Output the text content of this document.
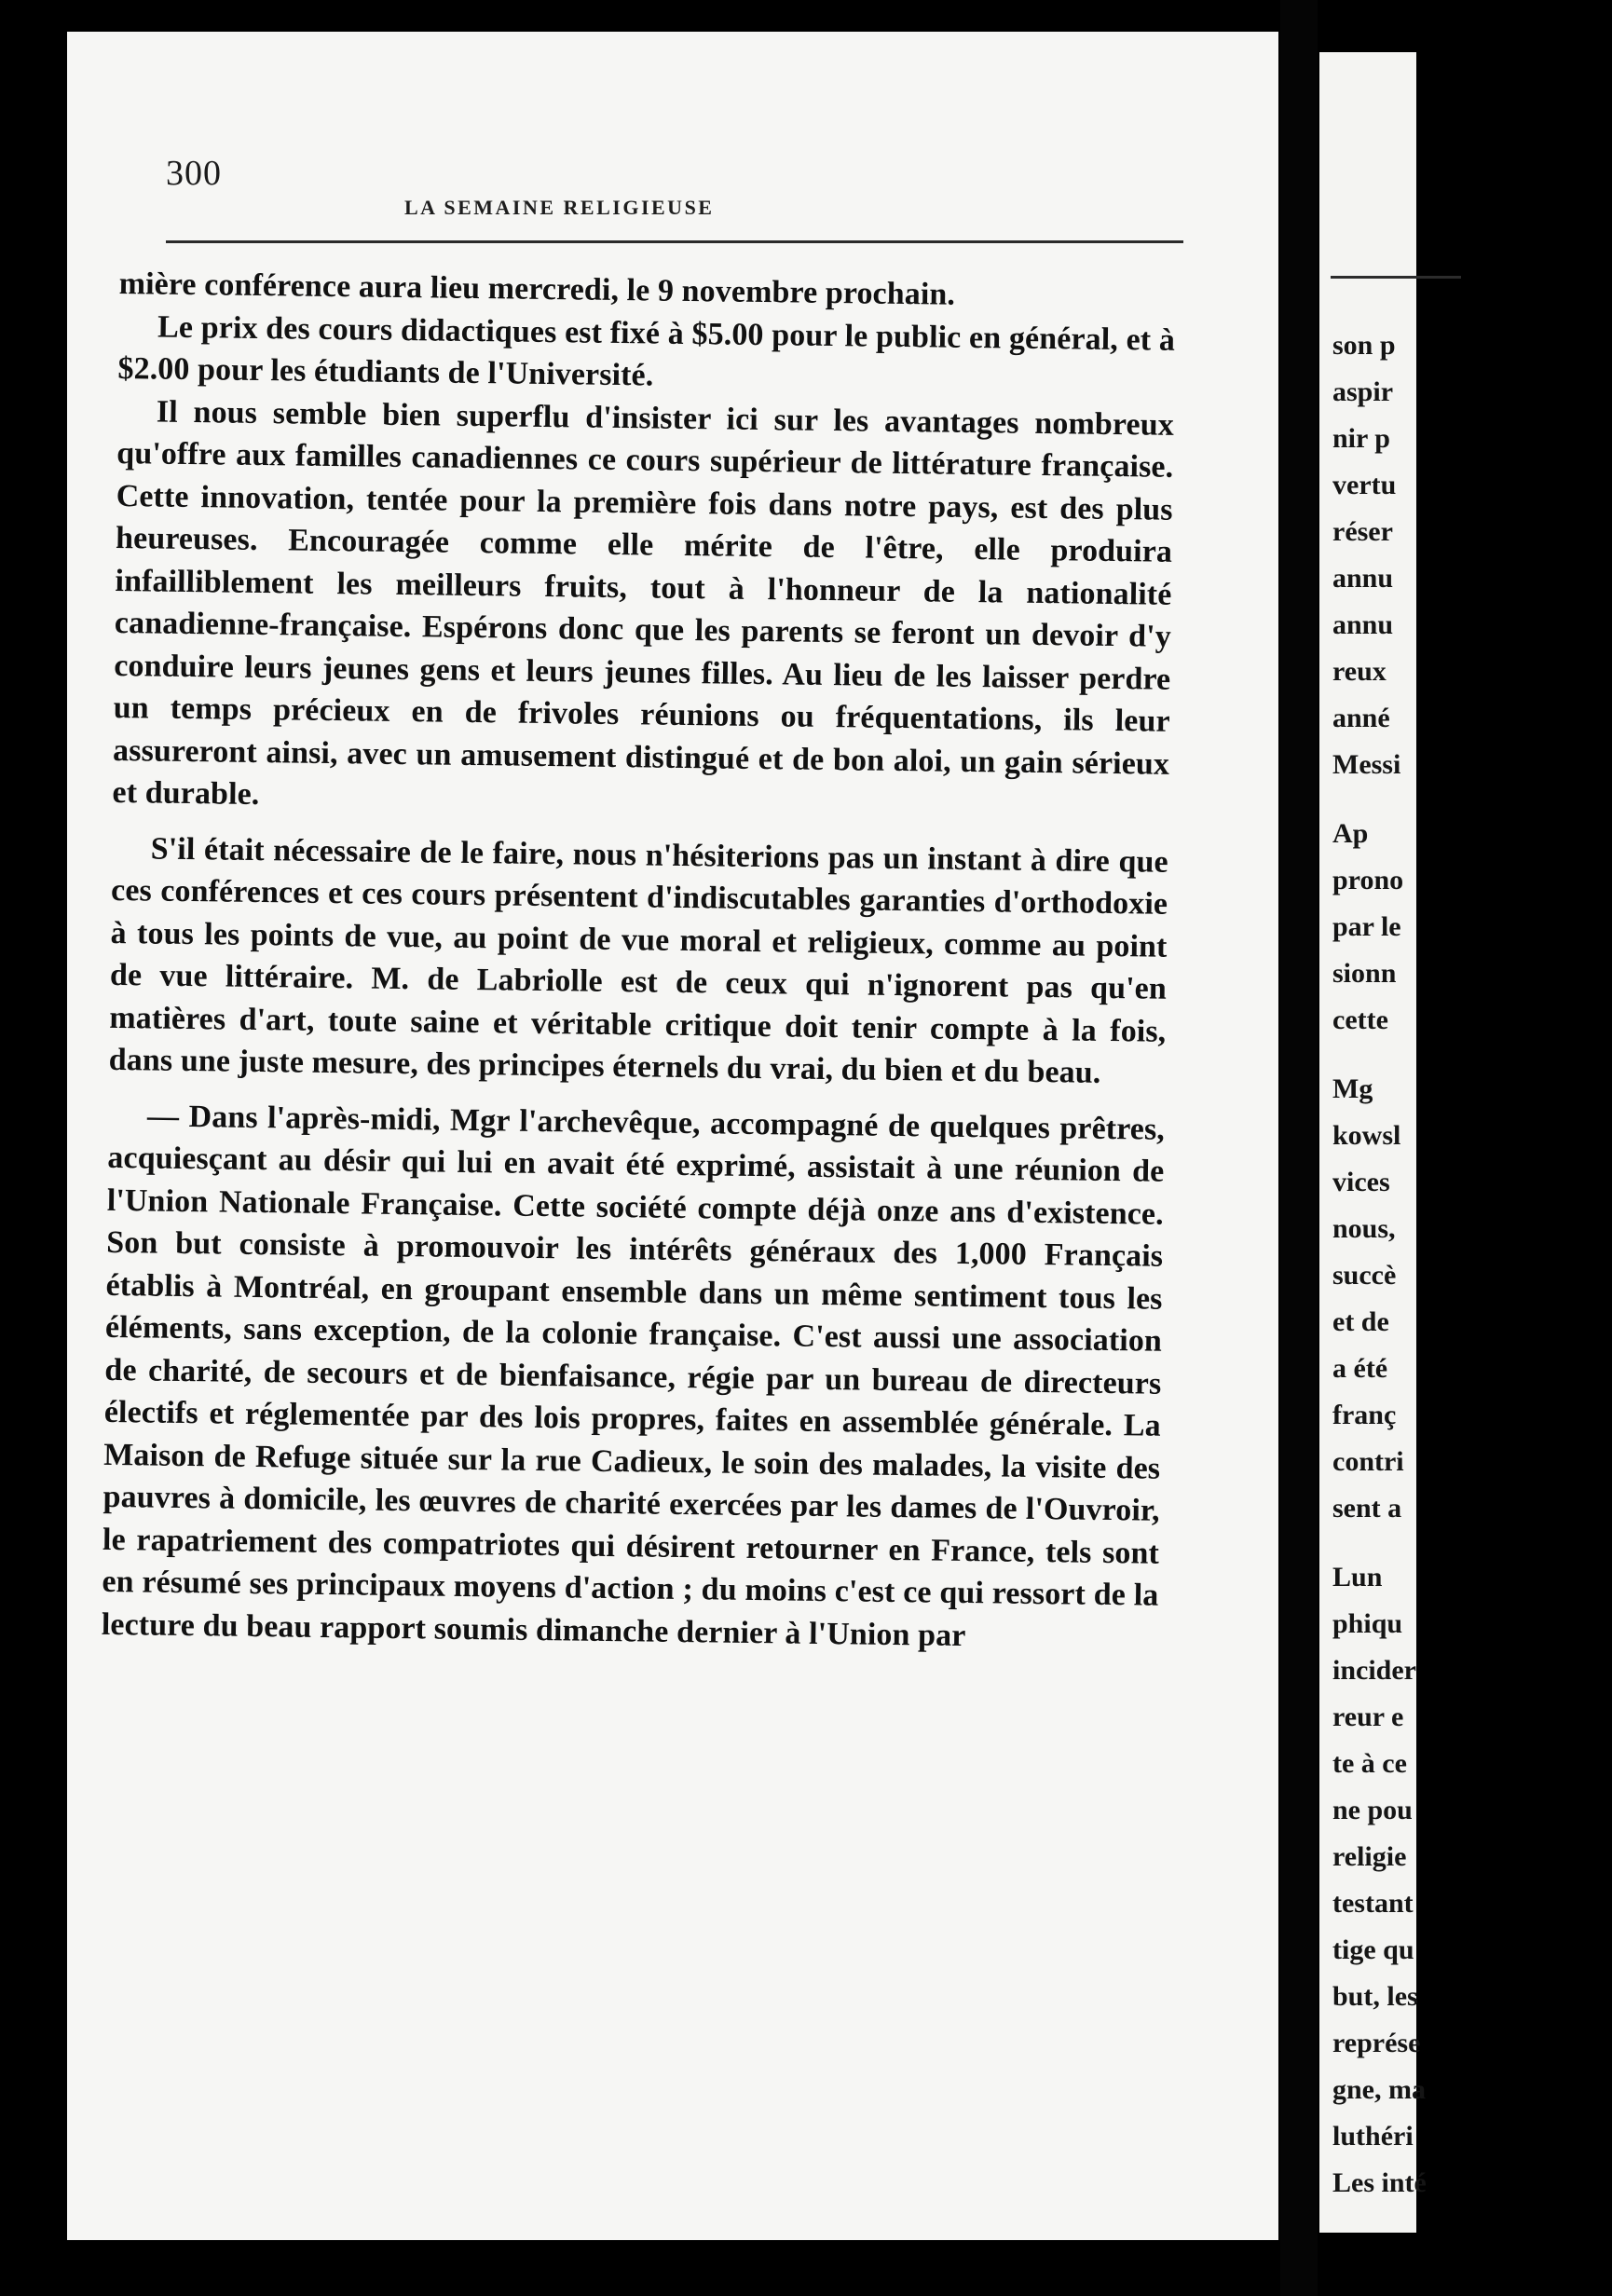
300
LA SEMAINE RELIGIEUSE

mière conférence aura lieu mercredi, le 9 novembre prochain.

Le prix des cours didactiques est fixé à $5.00 pour le public en général, et à $2.00 pour les étudiants de l'Université.

Il nous semble bien superflu d'insister ici sur les avantages nombreux qu'offre aux familles canadiennes ce cours supérieur de littérature française. Cette innovation, tentée pour la première fois dans notre pays, est des plus heureuses. Encouragée comme elle mérite de l'être, elle produira infailliblement les meilleurs fruits, tout à l'honneur de la nationalité canadienne-française. Espérons donc que les parents se feront un devoir d'y conduire leurs jeunes gens et leurs jeunes filles. Au lieu de les laisser perdre un temps précieux en de frivoles réunions ou fréquentations, ils leur assureront ainsi, avec un amusement distingué et de bon aloi, un gain sérieux et durable.

S'il était nécessaire de le faire, nous n'hésiterions pas un instant à dire que ces conférences et ces cours présentent d'indiscutables garanties d'orthodoxie à tous les points de vue, au point de vue moral et religieux, comme au point de vue littéraire. M. de Labriolle est de ceux qui n'ignorent pas qu'en matières d'art, toute saine et véritable critique doit tenir compte à la fois, dans une juste mesure, des principes éternels du vrai, du bien et du beau.

— Dans l'après-midi, Mgr l'archevêque, accompagné de quelques prêtres, acquiesçant au désir qui lui en avait été exprimé, assistait à une réunion de l'Union Nationale Française. Cette société compte déjà onze ans d'existence. Son but consiste à promouvoir les intérêts généraux des 1,000 Français établis à Montréal, en groupant ensemble dans un même sentiment tous les éléments, sans exception, de la colonie française. C'est aussi une association de charité, de secours et de bienfaisance, régie par un bureau de directeurs électifs et réglementée par des lois propres, faites en assemblée générale. La Maison de Refuge située sur la rue Cadieux, le soin des malades, la visite des pauvres à domicile, les œuvres de charité exercées par les dames de l'Ouvroir, le rapatriement des compatriotes qui désirent retourner en France, tels sont en résumé ses principaux moyens d'action ; du moins c'est ce qui ressort de la lecture du beau rapport soumis dimanche dernier à l'Union par

son p
aspir
nir p
vertu
réser
annu
annu
reux
anné
Messi
Ap
prono
par le
sionn
cette
Mg
kowsl
vices
nous,
succè
et de
a été
franç
contri
sent a
Lun
phiqu
incider
reur e
te à ce
ne pou
religie
testant
tige qu
but, les
représe
gne, ma
luthéri
Les inté
